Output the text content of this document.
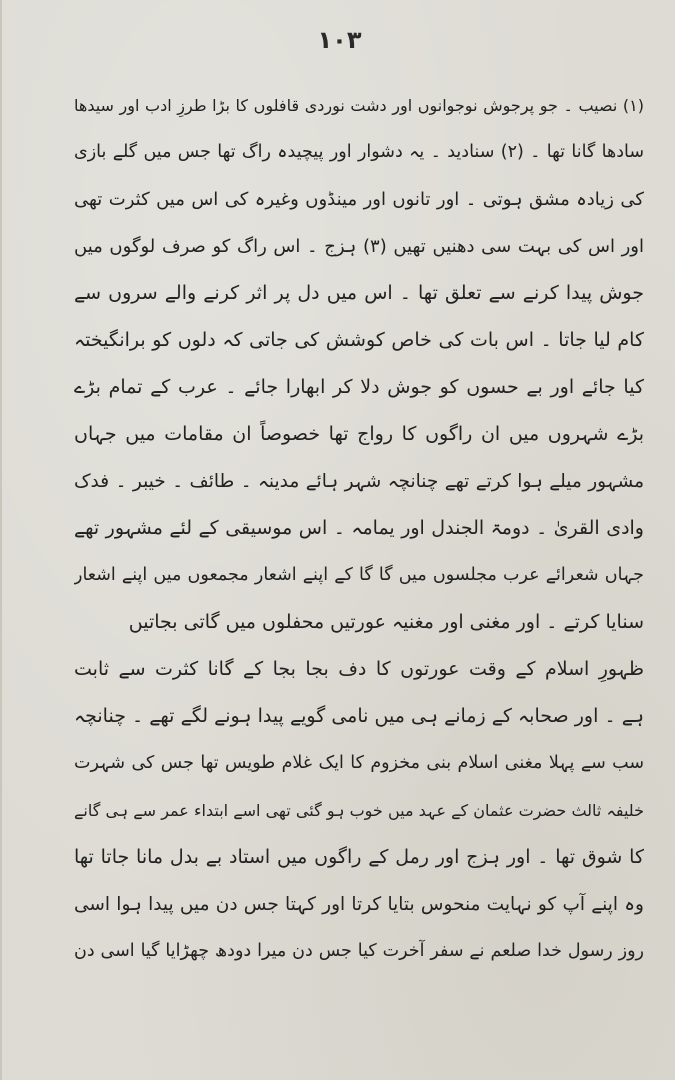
۱۰۳
(۱) نصیب ۔ جو پرجوش نوجوانوں اور دشت نوردی قافلوں کا بڑا طرزِ ادب اور سیدھا
سادھا گانا تھا ۔ (۲) سنادید ۔ یہ دشوار اور پیچیدہ راگ تھا جس میں گلے بازی
کی زیادہ مشق ہوتی ۔ اور تانوں اور مینڈوں وغیرہ کی اس میں کثرت تھی
اور اس کی بہت سی دھنیں تھیں (۳) ہزج ۔ اس راگ کو صرف لوگوں میں
جوش پیدا کرنے سے تعلق تھا ۔ اس میں دل پر اثر کرنے والے سروں سے
کام لیا جاتا ۔ اس بات کی خاص کوشش کی جاتی کہ دلوں کو برانگیختہ
کیا جائے اور بے حسوں کو جوش دلا کر ابھارا جائے ۔ عرب کے تمام بڑے
بڑے شہروں میں ان راگوں کا رواج تھا خصوصاً ان مقامات میں جہاں
مشہور میلے ہوا کرتے تھے چنانچہ شہر ہائے مدینہ ۔ طائف ۔ خیبر ۔ فدک
وادی القریٰ ۔ دومۃ الجندل اور یمامہ ۔ اس موسیقی کے لئے مشہور تھے
جہاں شعرائے عرب مجلسوں میں گا گا کے اپنے اشعار مجمعوں میں اپنے اشعار
سنایا کرتے ۔ اور مغنی اور مغنیہ عورتیں محفلوں میں گاتی بجاتیں
ظہورِ اسلام کے وقت عورتوں کا دف بجا بجا کے گانا کثرت سے ثابت
ہے ۔ اور صحابہ کے زمانے ہی میں نامی گویے پیدا ہونے لگے تھے ۔ چنانچہ
سب سے پہلا مغنی اسلام بنی مخزوم کا ایک غلام طویس تھا جس کی شہرت
خلیفہ ثالث حضرت عثمان کے عہد میں خوب ہو گئی تھی اسے ابتداء عمر سے ہی گانے
کا شوق تھا ۔ اور ہزج اور رمل کے راگوں میں استاد بے بدل مانا جاتا تھا
وہ اپنے آپ کو نہایت منحوس بتایا کرتا اور کہتا جس دن میں پیدا ہوا اسی
روز رسول خدا صلعم نے سفر آخرت کیا جس دن میرا دودھ چھڑایا گیا اسی دن
